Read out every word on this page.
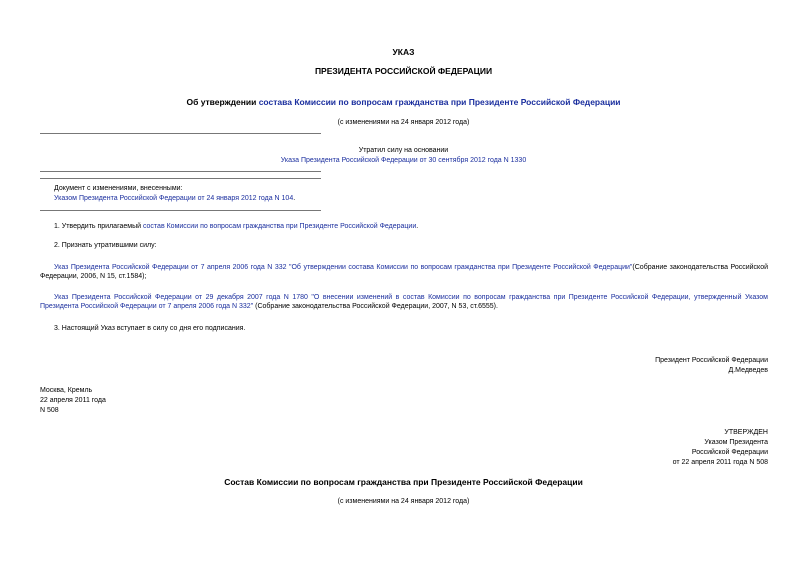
УКАЗ
ПРЕЗИДЕНТА РОССИЙСКОЙ ФЕДЕРАЦИИ
Об утверждении состава Комиссии по вопросам гражданства при Президенте Российской Федерации
(с изменениями на 24 января 2012 года)
Утратил силу на основании
Указа Президента Российской Федерации от 30 сентября 2012 года N 1330
Документ с изменениями, внесенными:
Указом Президента Российской Федерации от 24 января 2012 года N 104.
1. Утвердить прилагаемый состав Комиссии по вопросам гражданства при Президенте Российской Федерации.
2. Признать утратившими силу:
Указ Президента Российской Федерации от 7 апреля 2006 года N 332 "Об утверждении состава Комиссии по вопросам гражданства при Президенте Российской Федерации"(Собрание законодательства Российской Федерации, 2006, N 15, ст.1584);
Указ Президента Российской Федерации от 29 декабря 2007 года N 1780 "О внесении изменений в состав Комиссии по вопросам гражданства при Президенте Российской Федерации, утвержденный Указом Президента Российской Федерации от 7 апреля 2006 года N 332" (Собрание законодательства Российской Федерации, 2007, N 53, ст.6555).
3. Настоящий Указ вступает в силу со дня его подписания.
Президент Российской Федерации
Д.Медведев
Москва, Кремль
22 апреля 2011 года
N 508
УТВЕРЖДЕН
Указом Президента
Российской Федерации
от 22 апреля 2011 года N 508
Состав Комиссии по вопросам гражданства при Президенте Российской Федерации
(с изменениями на 24 января 2012 года)
